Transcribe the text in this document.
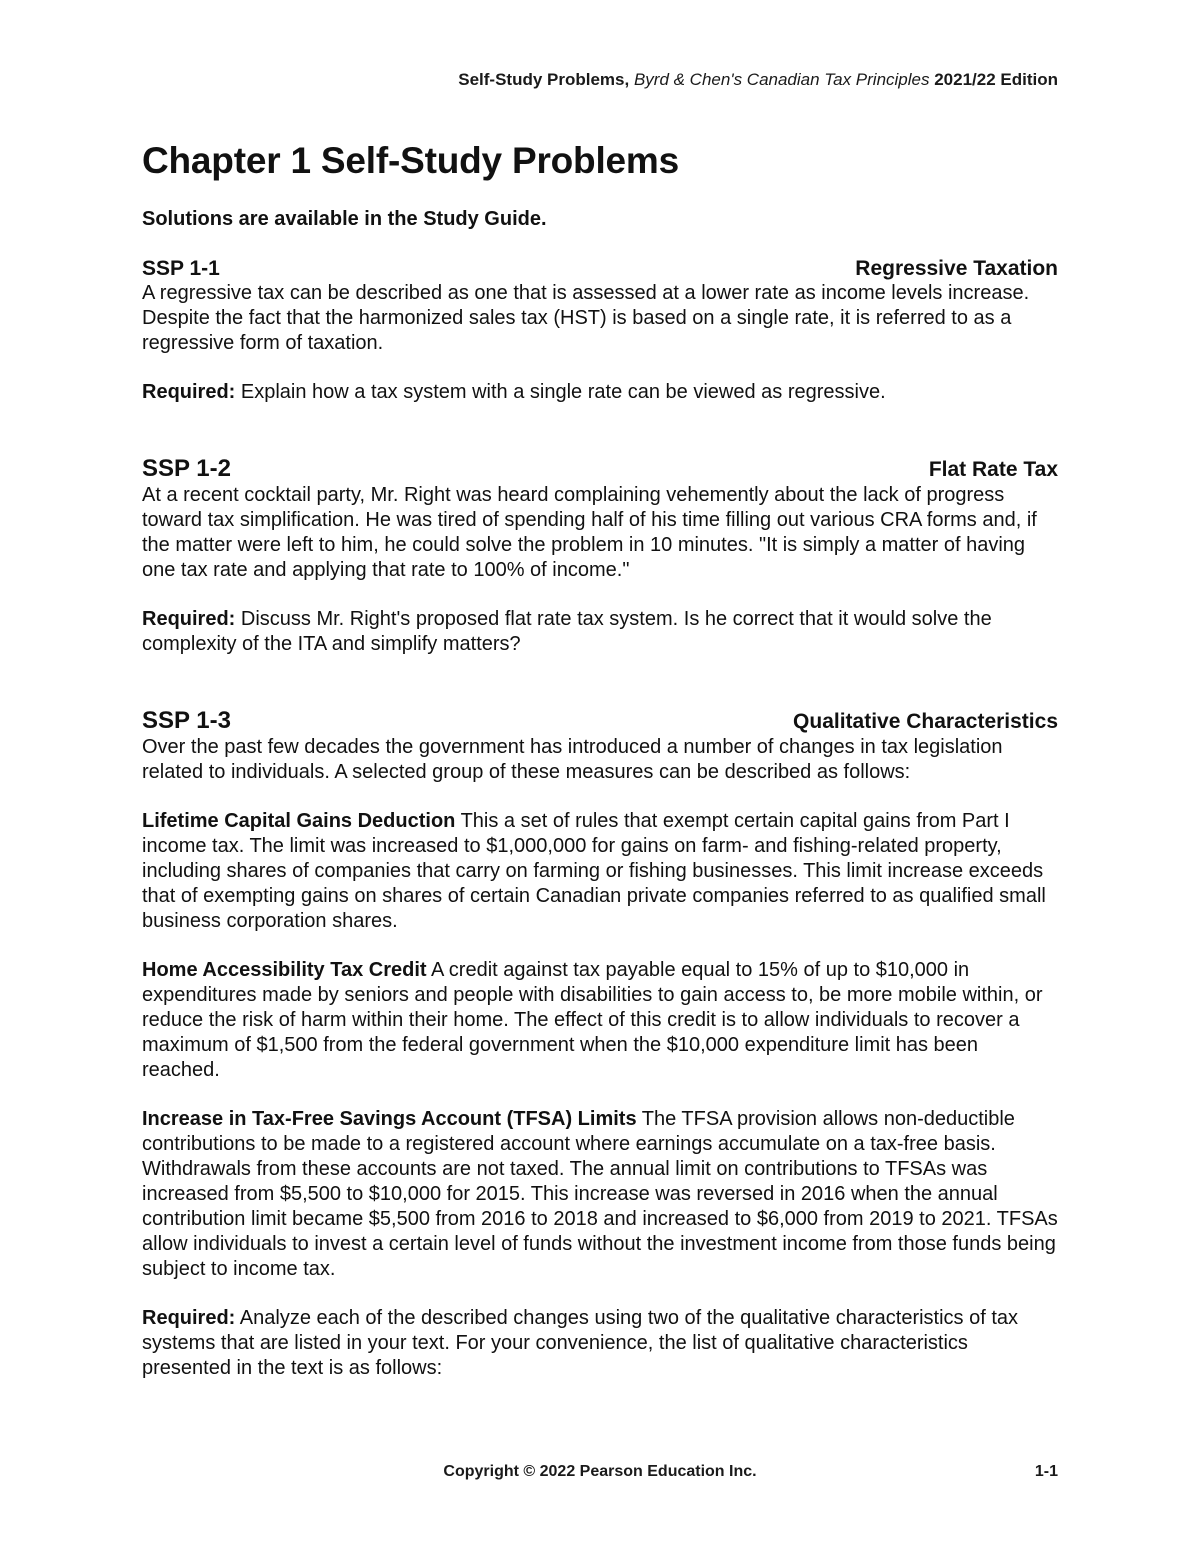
Self-Study Problems, Byrd & Chen's Canadian Tax Principles 2021/22 Edition
Chapter 1 Self-Study Problems
Solutions are available in the Study Guide.
SSP 1-1	Regressive Taxation

A regressive tax can be described as one that is assessed at a lower rate as income levels increase. Despite the fact that the harmonized sales tax (HST) is based on a single rate, it is referred to as a regressive form of taxation.

Required: Explain how a tax system with a single rate can be viewed as regressive.

SSP 1-2	Flat Rate Tax

At a recent cocktail party, Mr. Right was heard complaining vehemently about the lack of progress toward tax simplification. He was tired of spending half of his time filling out various CRA forms and, if the matter were left to him, he could solve the problem in 10 minutes. "It is simply a matter of having one tax rate and applying that rate to 100% of income."

Required: Discuss Mr. Right's proposed flat rate tax system. Is he correct that it would solve the complexity of the ITA and simplify matters?

SSP 1-3	Qualitative Characteristics

Over the past few decades the government has introduced a number of changes in tax legislation related to individuals. A selected group of these measures can be described as follows:

Lifetime Capital Gains Deduction This a set of rules that exempt certain capital gains from Part I income tax. The limit was increased to $1,000,000 for gains on farm- and fishing-related property, including shares of companies that carry on farming or fishing businesses. This limit increase exceeds that of exempting gains on shares of certain Canadian private companies referred to as qualified small business corporation shares.

Home Accessibility Tax Credit A credit against tax payable equal to 15% of up to $10,000 in expenditures made by seniors and people with disabilities to gain access to, be more mobile within, or reduce the risk of harm within their home. The effect of this credit is to allow individuals to recover a maximum of $1,500 from the federal government when the $10,000 expenditure limit has been reached.

Increase in Tax-Free Savings Account (TFSA) Limits The TFSA provision allows non-deductible contributions to be made to a registered account where earnings accumulate on a tax-free basis. Withdrawals from these accounts are not taxed. The annual limit on contributions to TFSAs was increased from $5,500 to $10,000 for 2015. This increase was reversed in 2016 when the annual contribution limit became $5,500 from 2016 to 2018 and increased to $6,000 from 2019 to 2021. TFSAs allow individuals to invest a certain level of funds without the investment income from those funds being subject to income tax.

Required: Analyze each of the described changes using two of the qualitative characteristics of tax systems that are listed in your text. For your convenience, the list of qualitative characteristics presented in the text is as follows:

Copyright © 2022 Pearson Education Inc.	1-1
